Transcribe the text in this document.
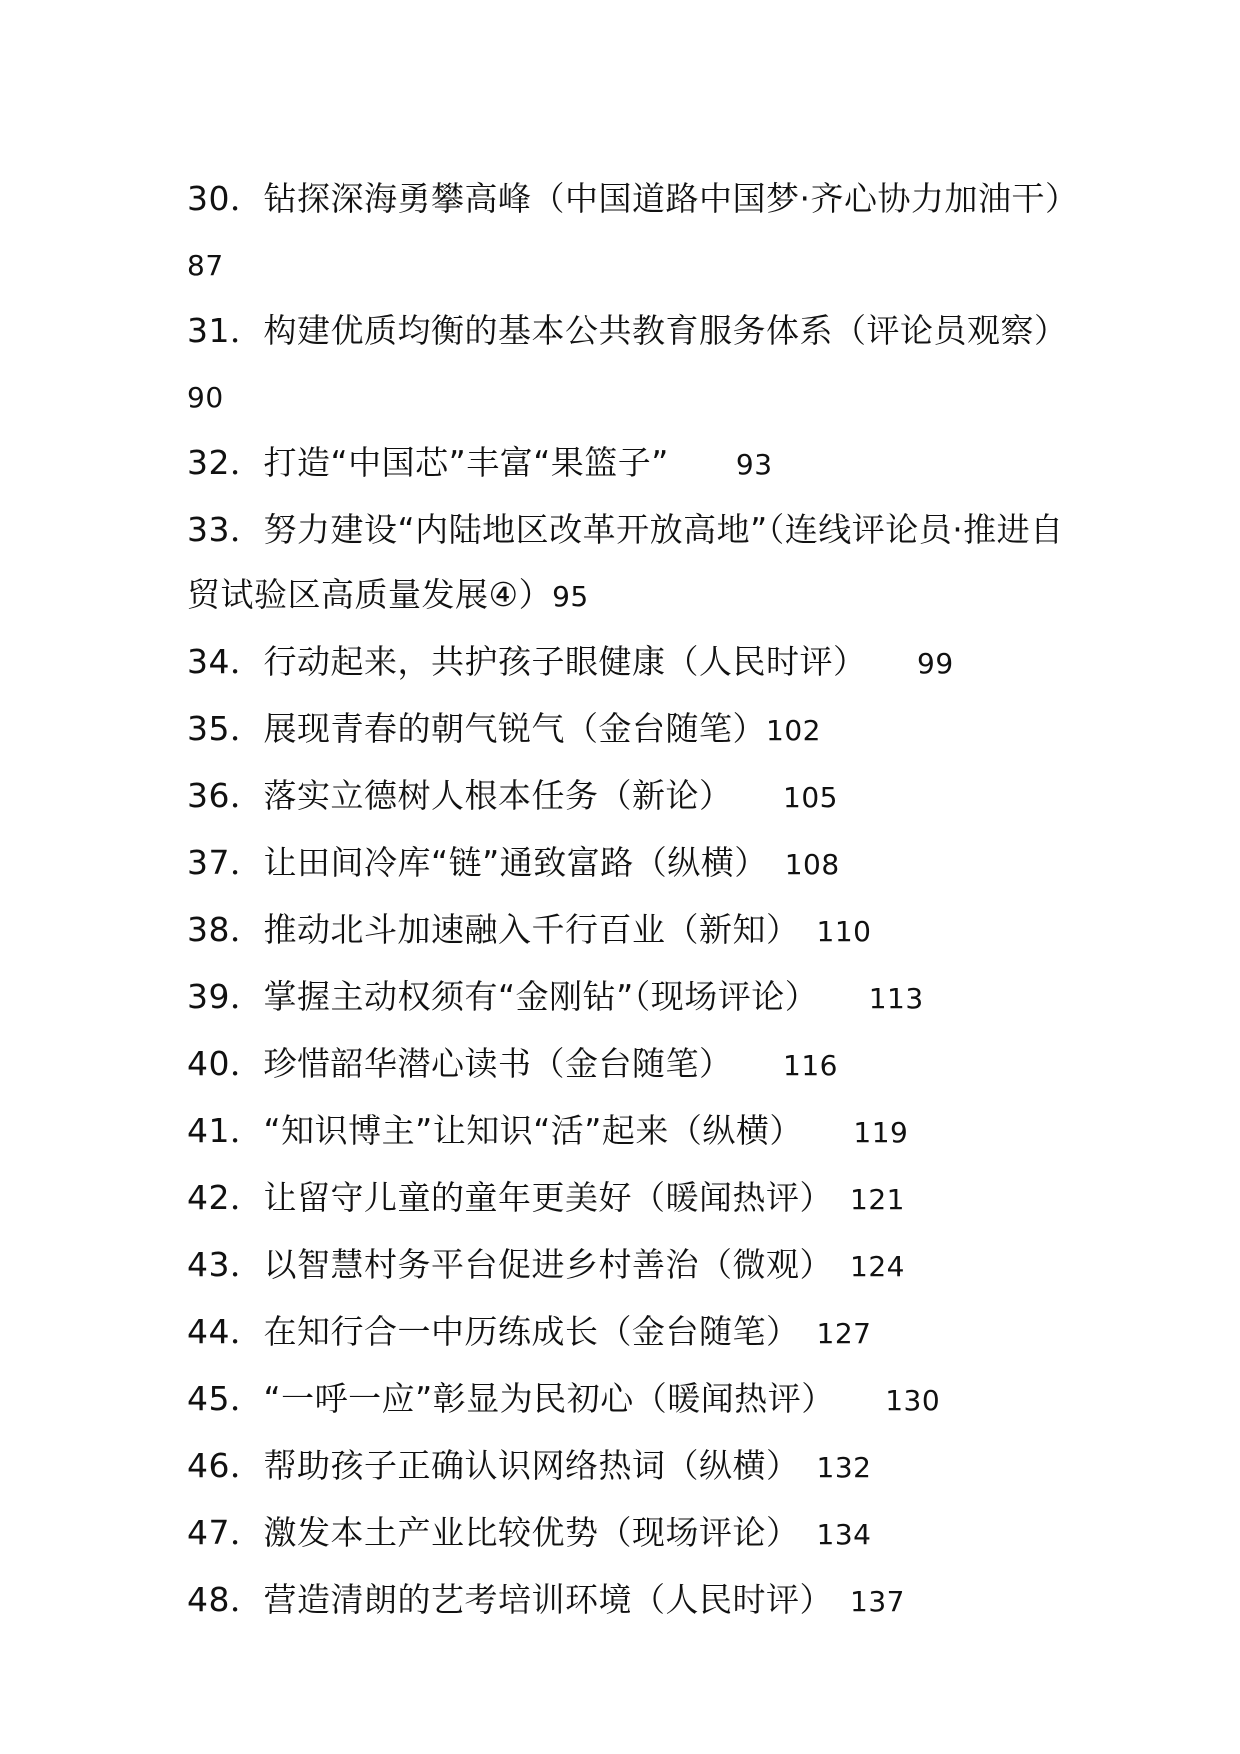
30．钻探深海勇攀高峰（中国道路中国梦·齐心协力加油干）　87
31．构建优质均衡的基本公共教育服务体系（评论员观察）　90
32．打造“中国芯”丰富“果篮子”　　 93
33．努力建设“内陆地区改革开放高地”（连线评论员·推进自贸试验区高质量发展④）95
34．行动起来，共护孩子眼健康（人民时评）　　 99
35．展现青春的朝气锐气（金台随笔）102
36．落实立德树人根本任务（新论）　　 105
37．让田间冷库“链”通致富路（纵横）　 108
38．推动北斗加速融入千行百业（新知）　 110
39．掌握主动权须有“金刚钻”（现场评论）　　 113
40．珍惜韶华潜心读书（金台随笔）　　 116
41．“知识博主”让知识“活”起来（纵横）　　 119
42．让留守儿童的童年更美好（暖闻热评）　 121
43．以智慧村务平台促进乡村善治（微观）　 124
44．在知行合一中历练成长（金台随笔）　 127
45．“一呼一应”彰显为民初心（暖闻热评）　　 130
46．帮助孩子正确认识网络热词（纵横）　 132
47．激发本土产业比较优势（现场评论）　 134
48．营造清朗的艺考培训环境（人民时评）　 137
